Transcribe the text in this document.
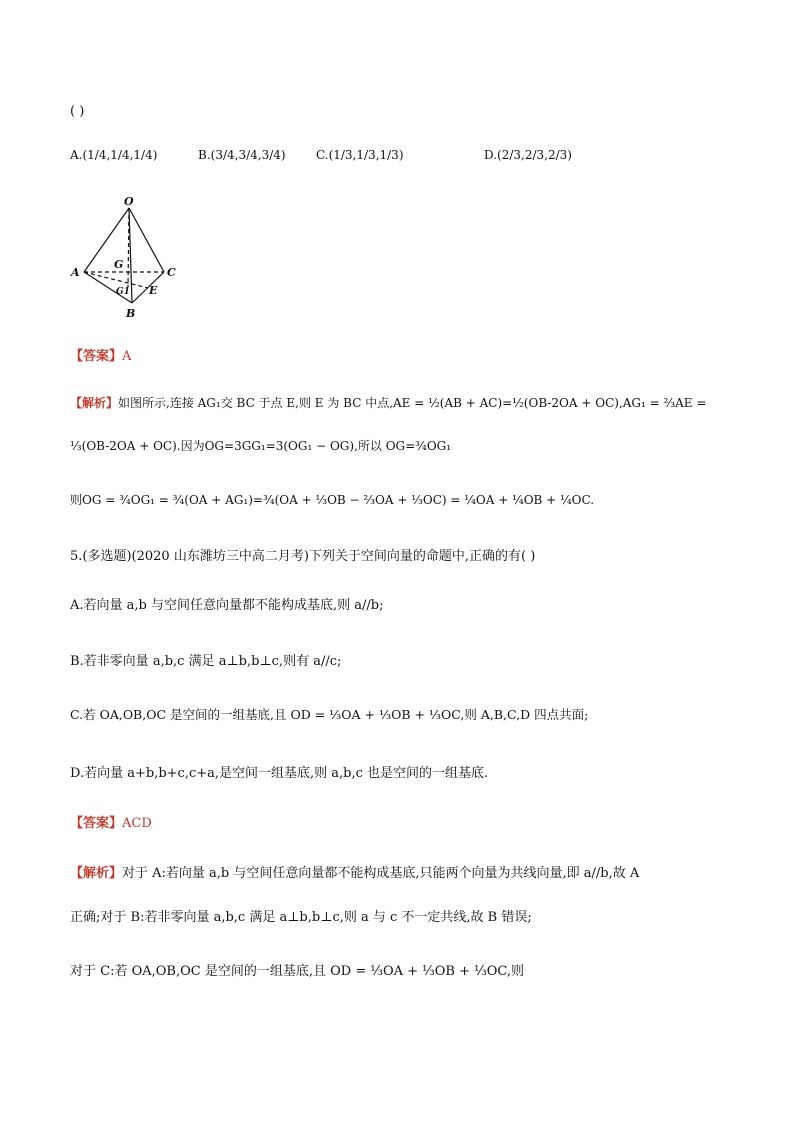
( )
A.(1/4,1/4,1/4)	B.(3/4,3/4,3/4)	C.(1/3,1/3,1/3)	D.(2/3,2/3,2/3)
O
A
B
C
G
G1 E
【答案】A
【解析】如图所示,连接 AG₁交 BC 于点 E,则 E 为 BC 中点,AE = ½(AB + AC)=½(OB-2OA + OC),AG₁ = ⅔AE =
⅓(OB-2OA + OC).因为OG=3GG₁=3(OG₁ − OG),所以 OG=¾OG₁
则OG = ¾OG₁ = ¾(OA + AG₁)=¾(OA + ⅓OB − ⅔OA + ⅓OC) = ¼OA + ¼OB + ¼OC.
5.(多选题)(2020 山东潍坊三中高二月考)下列关于空间向量的命题中,正确的有( )
A.若向量 a,b 与空间任意向量都不能构成基底,则 a//b;
B.若非零向量 a,b,c 满足 a⊥b,b⊥c,则有 a//c;
C.若 OA,OB,OC 是空间的一组基底,且 OD = ⅓OA + ⅓OB + ⅓OC,则 A,B,C,D 四点共面;
D.若向量 a+b,b+c,c+a,是空间一组基底,则 a,b,c 也是空间的一组基底.
【答案】ACD
【解析】对于 A:若向量 a,b 与空间任意向量都不能构成基底,只能两个向量为共线向量,即 a//b,故 A
正确;对于 B:若非零向量 a,b,c 满足 a⊥b,b⊥c,则 a 与 c 不一定共线,故 B 错误;
对于 C:若 OA,OB,OC 是空间的一组基底,且 OD = ⅓OA + ⅓OB + ⅓OC,则
